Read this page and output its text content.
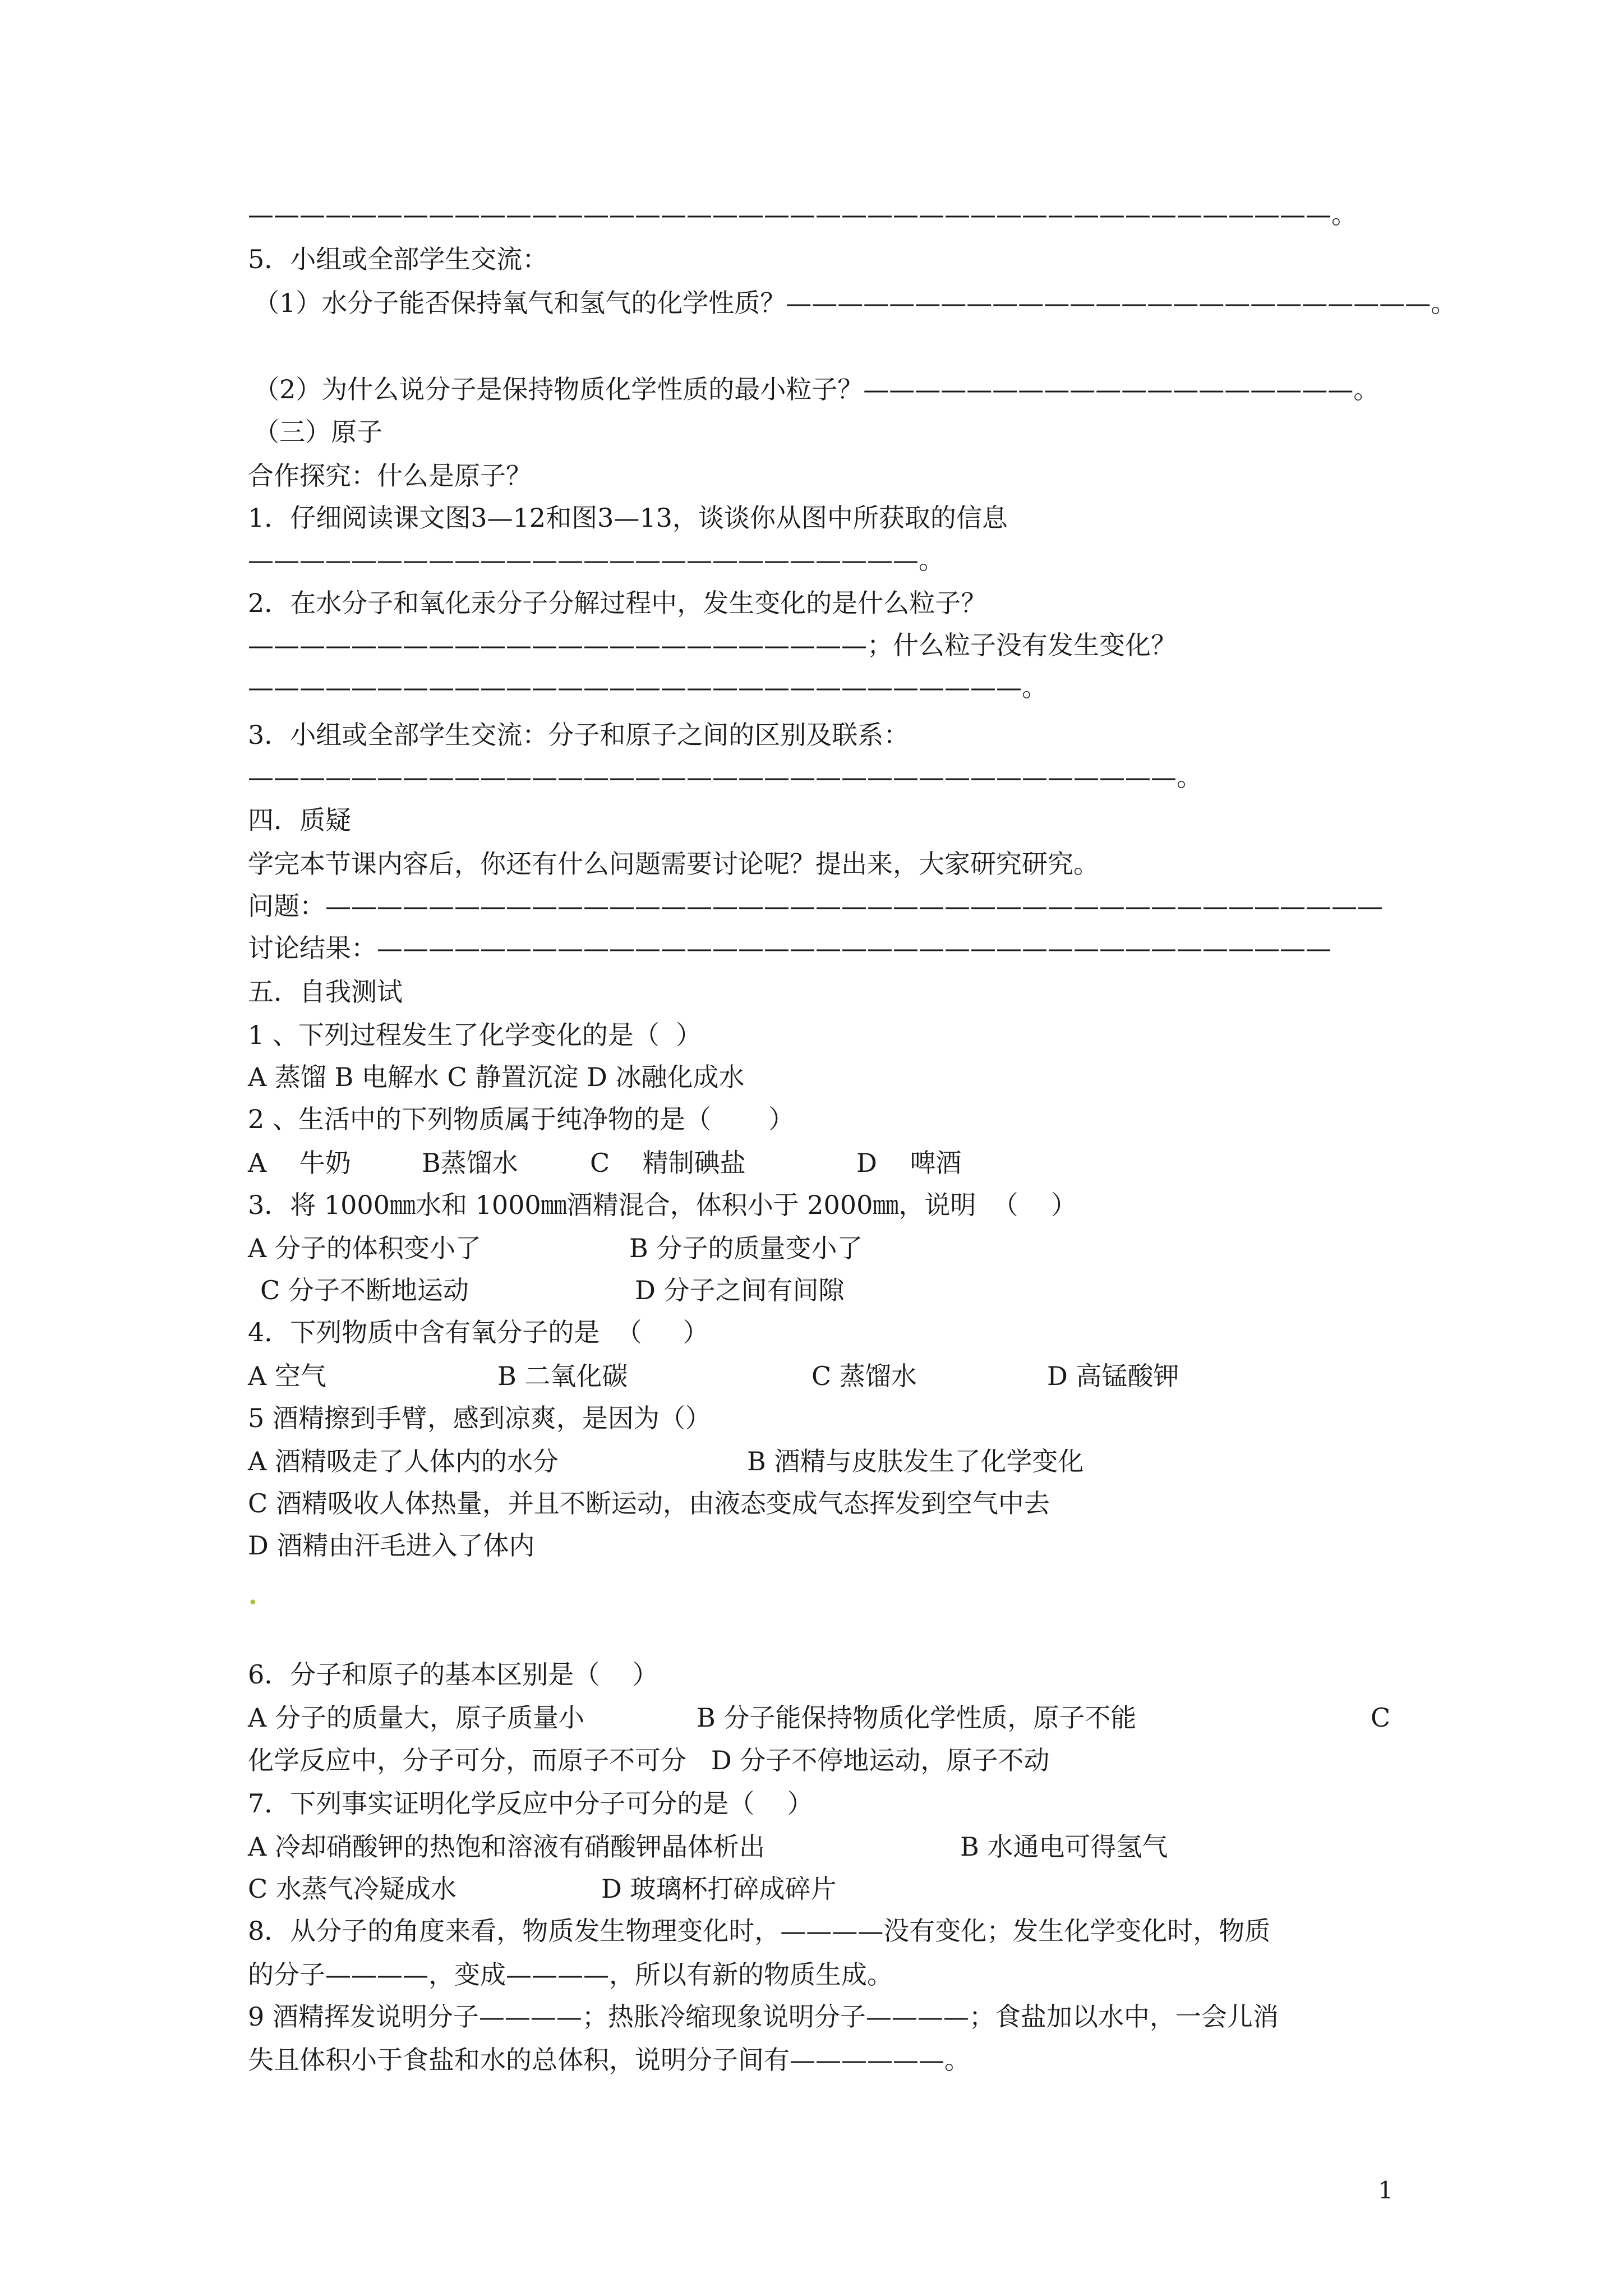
——————————————————————————————————————————。
5．小组或全部学生交流：
（1）水分子能否保持氧气和氢气的化学性质？—————————————————————————。
（2）为什么说分子是保持物质化学性质的最小粒子？———————————————————。
（三）原子
合作探究：什么是原子？
1．仔细阅读课文图3—12和图3—13，谈谈你从图中所获取的信息
——————————————————————————。
2．在水分子和氧化汞分子分解过程中，发生变化的是什么粒子？
————————————————————————；什么粒子没有发生变化？
——————————————————————————————。
3．小组或全部学生交流：分子和原子之间的区别及联系：
————————————————————————————————————。
四．质疑
学完本节课内容后，你还有什么问题需要讨论呢？提出来，大家研究研究。
问题：—————————————————————————————————————————
讨论结果：—————————————————————————————————————
五．自我测试
1 、下列过程发生了化学变化的是（  ）
A 蒸馏 B 电解水 C 静置沉淀 D 冰融化成水
2 、生活中的下列物质属于纯净物的是（       ）

A    牛奶

	B蒸馏水

	C    精制碘盐

	D    啤酒

3．将 1000㎜水和 1000㎜酒精混合，体积小于 2000㎜，说明  （    ）

A 分子的体积变小了

	B 分子的质量变小了

C 分子不断地运动

	D 分子之间有间隙

4．下列物质中含有氧分子的是  （     ）

A 空气

	B 二氧化碳

	C 蒸馏水

	D 高锰酸钾

5 酒精擦到手臂，感到凉爽，是因为（）

A 酒精吸走了人体内的水分

	B 酒精与皮肤发生了化学变化

C 酒精吸收人体热量，并且不断运动，由液态变成气态挥发到空气中去
D 酒精由汗毛进入了体内
•
6．分子和原子的基本区别是（    ）

A 分子的质量大，原子质量小

	B 分子能保持物质化学性质，原子不能

	C

化学反应中，分子可分，而原子不可分   D 分子不停地运动，原子不动
7．下列事实证明化学反应中分子可分的是（    ）

A 冷却硝酸钾的热饱和溶液有硝酸钾晶体析出

	B 水通电可得氢气

C 水蒸气冷疑成水

	D 玻璃杯打碎成碎片

8．从分子的角度来看，物质发生物理变化时，————没有变化；发生化学变化时，物质
的分子————，变成————，所以有新的物质生成。
9 酒精挥发说明分子————；热胀冷缩现象说明分子————；食盐加以水中，一会儿消
失且体积小于食盐和水的总体积，说明分子间有——————。
1
